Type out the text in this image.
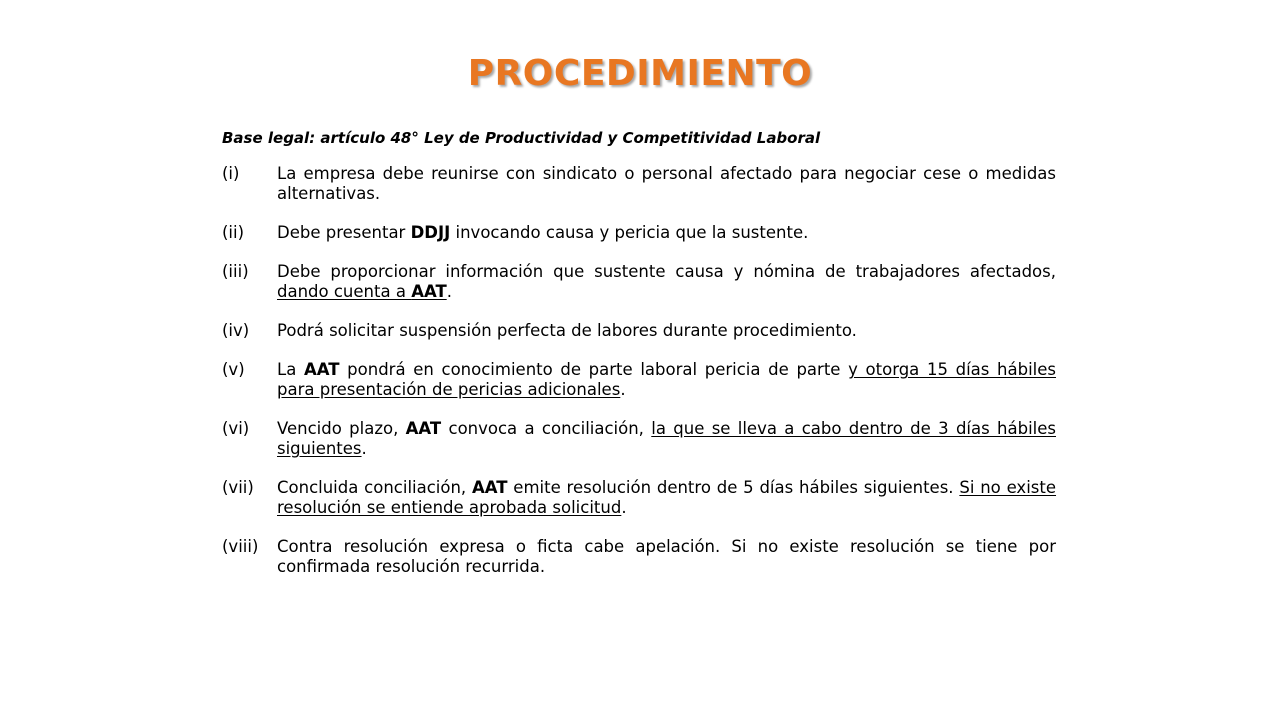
PROCEDIMIENTO
Base legal: artículo 48° Ley de Productividad y Competitividad Laboral
(i)	La empresa debe reunirse con sindicato o personal afectado para negociar cese o medidas alternativas.
(ii)	Debe presentar DDJJ invocando causa y pericia que la sustente.
(iii)	Debe proporcionar información que sustente causa y nómina de trabajadores afectados, dando cuenta a AAT.
(iv)	Podrá solicitar suspensión perfecta de labores durante procedimiento.
(v)	La AAT pondrá en conocimiento de parte laboral pericia de parte y otorga 15 días hábiles para presentación de pericias adicionales.
(vi)	Vencido plazo, AAT convoca a conciliación, la que se lleva a cabo dentro de 3 días hábiles siguientes.
(vii)	Concluida conciliación, AAT emite resolución dentro de 5 días hábiles siguientes. Si no existe resolución se entiende aprobada solicitud.
(viii)	Contra resolución expresa o ficta cabe apelación. Si no existe resolución se tiene por confirmada resolución recurrida.
